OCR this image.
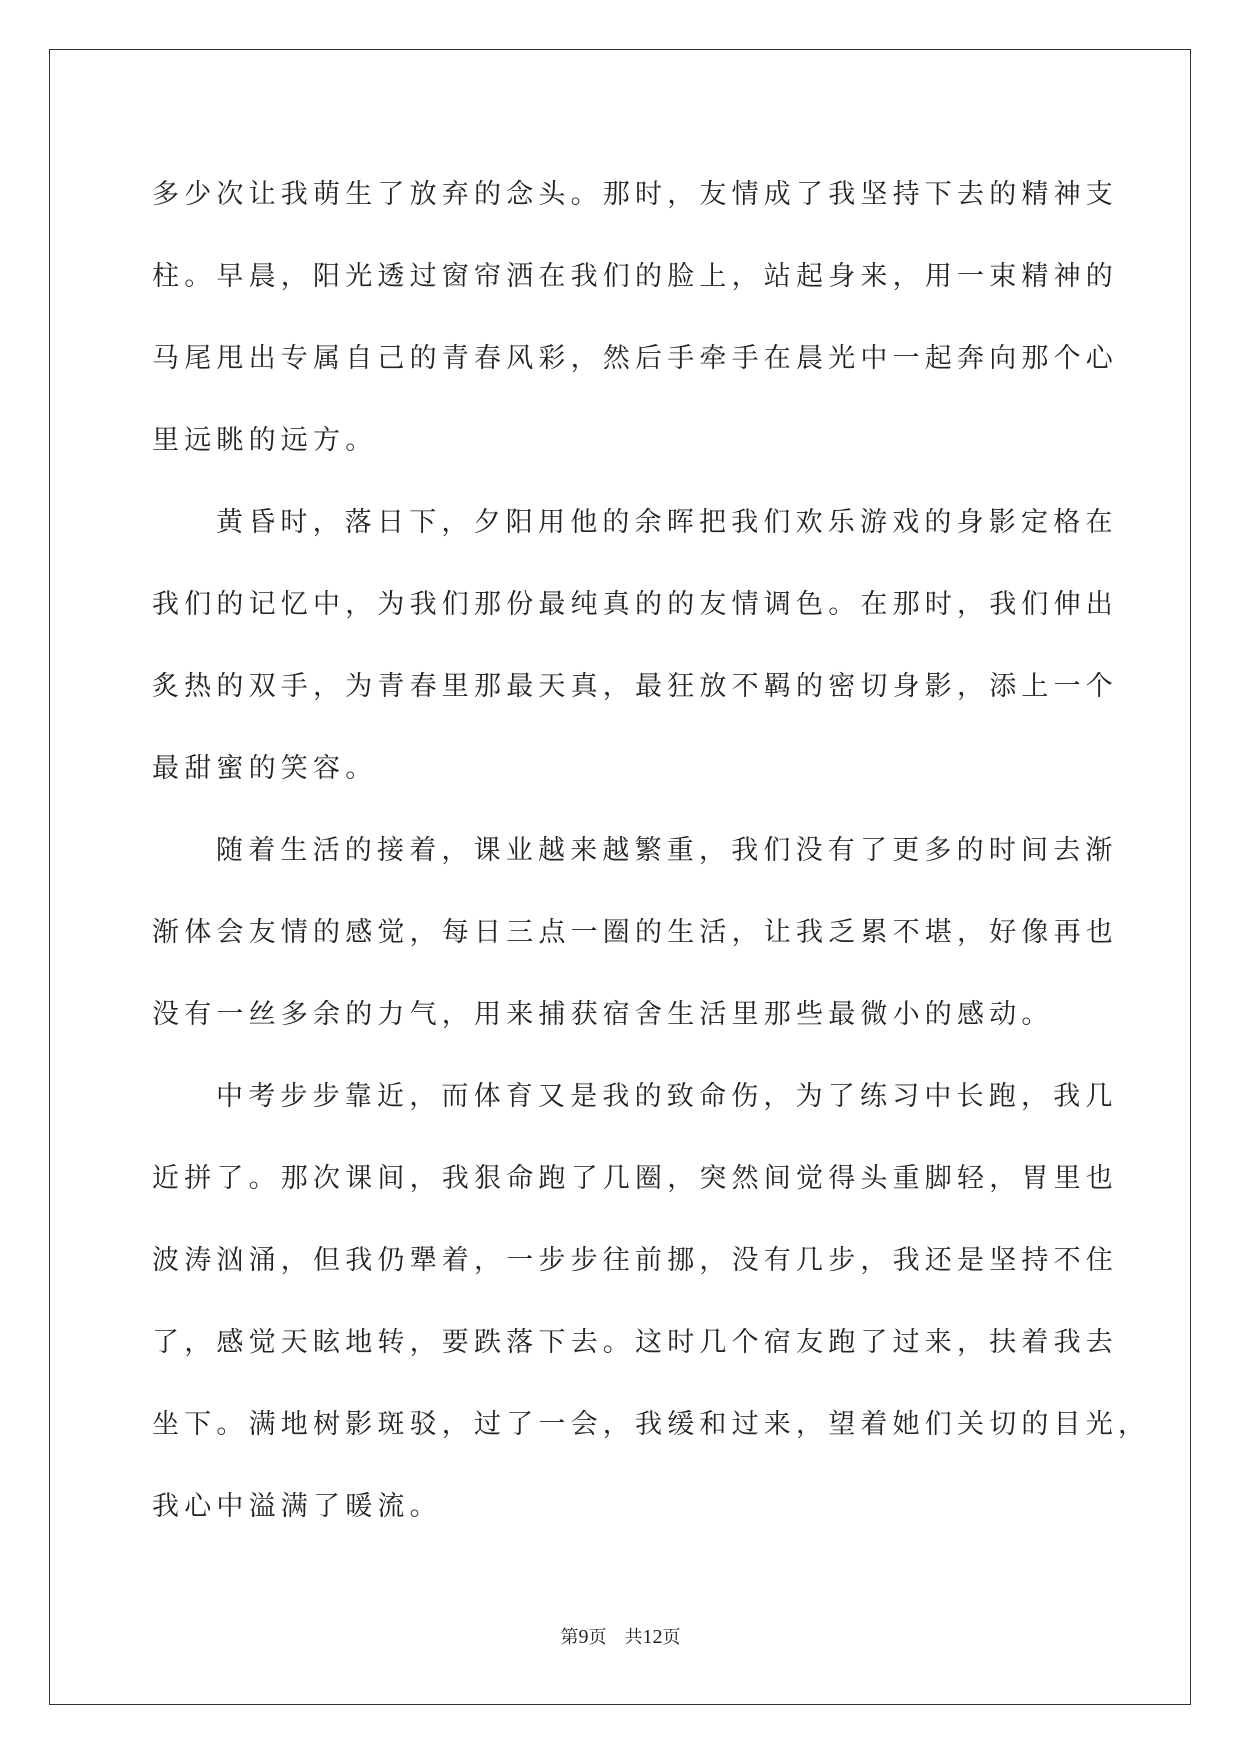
多少次让我萌生了放弃的念头。那时，友情成了我坚持下去的精神支
柱。早晨，阳光透过窗帘洒在我们的脸上，站起身来，用一束精神的
马尾甩出专属自己的青春风彩，然后手牵手在晨光中一起奔向那个心
里远眺的远方。
黄昏时，落日下，夕阳用他的余晖把我们欢乐游戏的身影定格在
我们的记忆中，为我们那份最纯真的的友情调色。在那时，我们伸出
炙热的双手，为青春里那最天真，最狂放不羁的密切身影，添上一个
最甜蜜的笑容。
随着生活的接着，课业越来越繁重，我们没有了更多的时间去渐
渐体会友情的感觉，每日三点一圈的生活，让我乏累不堪，好像再也
没有一丝多余的力气，用来捕获宿舍生活里那些最微小的感动。
中考步步靠近，而体育又是我的致命伤，为了练习中长跑，我几
近拼了。那次课间，我狠命跑了几圈，突然间觉得头重脚轻，胃里也
波涛汹涌，但我仍犟着，一步步往前挪，没有几步，我还是坚持不住
了，感觉天眩地转，要跌落下去。这时几个宿友跑了过来，扶着我去
坐下。满地树影斑驳，过了一会，我缓和过来，望着她们关切的目光，
我心中溢满了暖流。
第9页　共12页
